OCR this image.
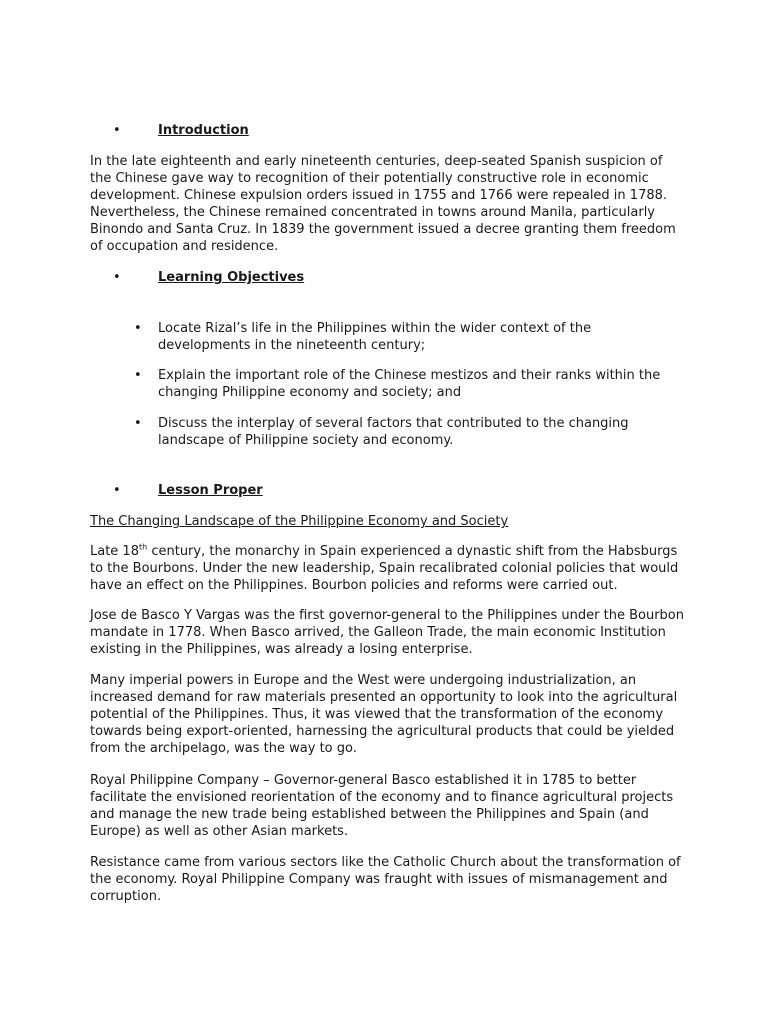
•	Introduction

In the late eighteenth and early nineteenth centuries, deep-seated Spanish suspicion of the Chinese gave way to recognition of their potentially constructive role in economic development. Chinese expulsion orders issued in 1755 and 1766 were repealed in 1788. Nevertheless, the Chinese remained concentrated in towns around Manila, particularly Binondo and Santa Cruz. In 1839 the government issued a decree granting them freedom of occupation and residence.

•	Learning Objectives
• Locate Rizal’s life in the Philippines within the wider context of the developments in the nineteenth century;

• Explain the important role of the Chinese mestizos and their ranks within the changing Philippine economy and society; and

• Discuss the interplay of several factors that contributed to the changing landscape of Philippine society and economy.

•	Lesson Proper
The Changing Landscape of the Philippine Economy and Society

Late 18th century, the monarchy in Spain experienced a dynastic shift from the Habsburgs to the Bourbons. Under the new leadership, Spain recalibrated colonial policies that would have an effect on the Philippines. Bourbon policies and reforms were carried out.

Jose de Basco Y Vargas was the first governor-general to the Philippines under the Bourbon mandate in 1778. When Basco arrived, the Galleon Trade, the main economic Institution existing in the Philippines, was already a losing enterprise.

Many imperial powers in Europe and the West were undergoing industrialization, an increased demand for raw materials presented an opportunity to look into the agricultural potential of the Philippines. Thus, it was viewed that the transformation of the economy towards being export-oriented, harnessing the agricultural products that could be yielded from the archipelago, was the way to go.

Royal Philippine Company – Governor-general Basco established it in 1785 to better facilitate the envisioned reorientation of the economy and to finance agricultural projects and manage the new trade being established between the Philippines and Spain (and Europe) as well as other Asian markets.

Resistance came from various sectors like the Catholic Church about the transformation of the economy. Royal Philippine Company was fraught with issues of mismanagement and corruption.
